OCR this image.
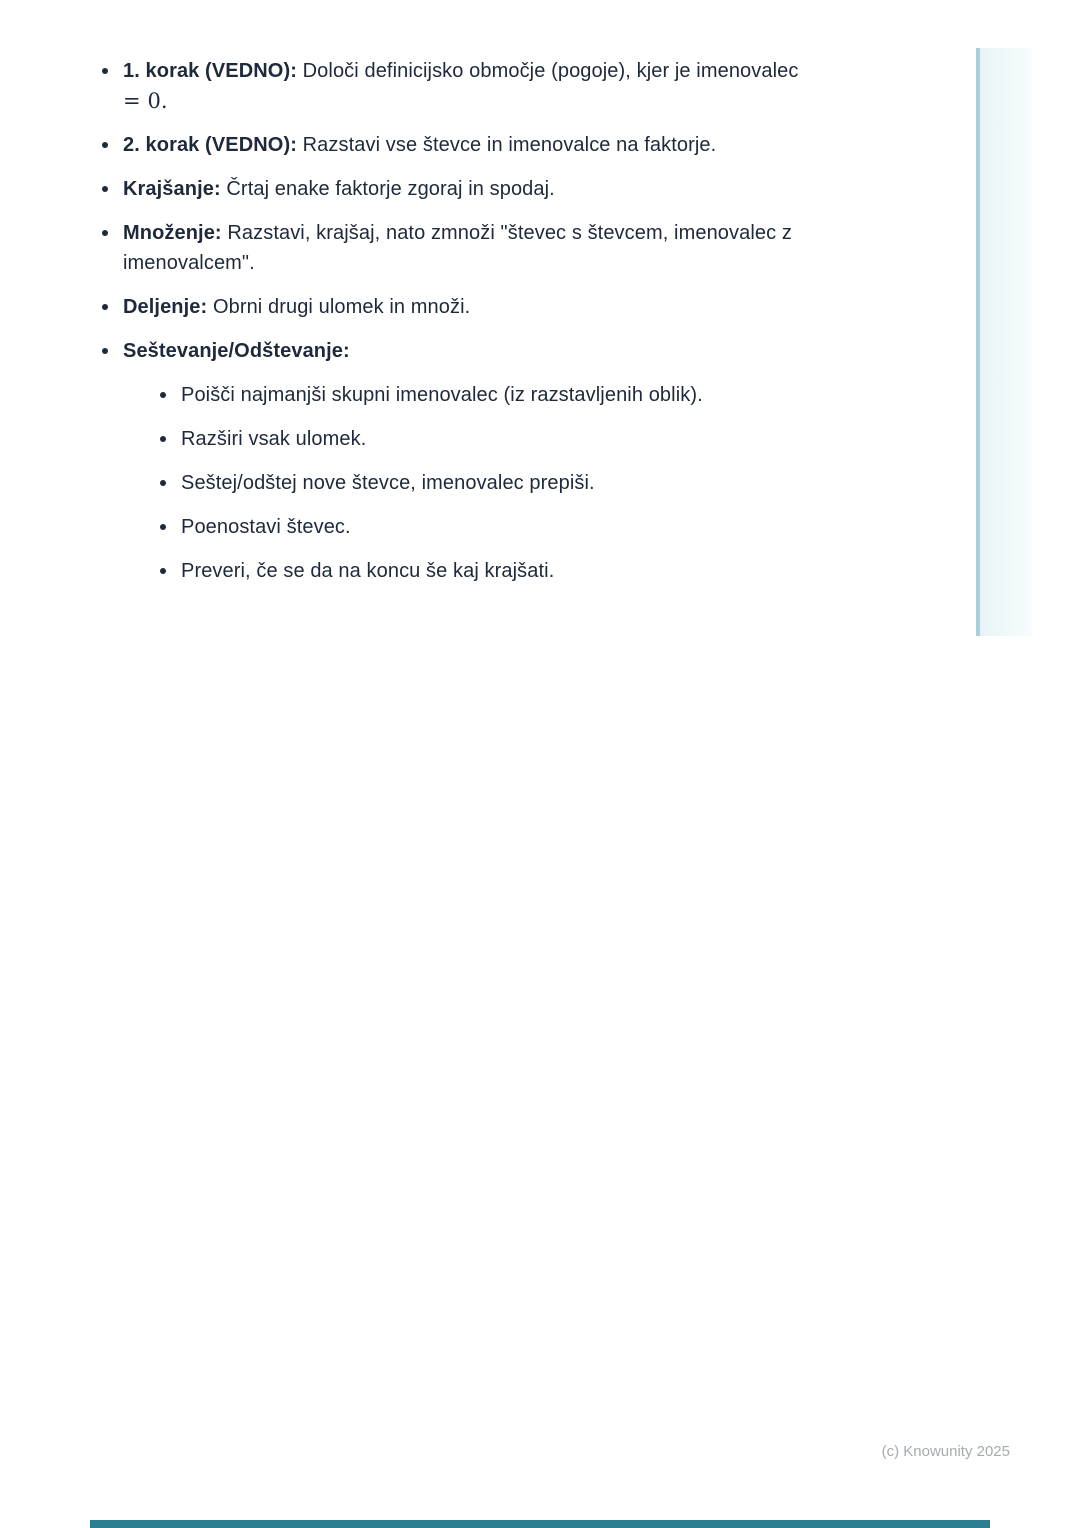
1. korak (VEDNO): Določi definicijsko območje (pogoje), kjer je imenovalec
= 0.
2. korak (VEDNO): Razstavi vse števce in imenovalce na faktorje.
Krajšanje: Črtaj enake faktorje zgoraj in spodaj.
Množenje: Razstavi, krajšaj, nato zmnoži "števec s števcem, imenovalec z imenovalcem".
Deljenje: Obrni drugi ulomek in množi.
Seštevanje/Odštevanje:
Poišči najmanjši skupni imenovalec (iz razstavljenih oblik).
Razširi vsak ulomek.
Seštej/odštej nove števce, imenovalec prepiši.
Poenostavi števec.
Preveri, če se da na koncu še kaj krajšati.
(c) Knowunity 2025
